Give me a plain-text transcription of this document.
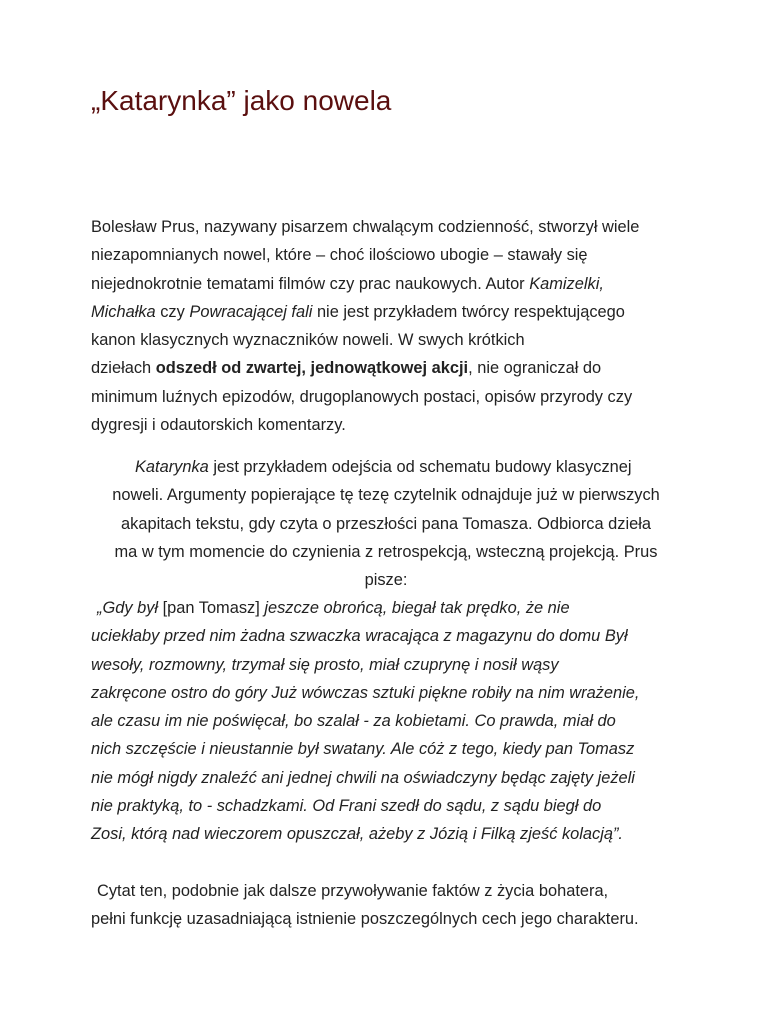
„Katarynka” jako nowela

Bolesław Prus, nazywany pisarzem chwalącym codzienność, stworzył wiele
niezapomnianych nowel, które – choć ilościowo ubogie – stawały się
niejednokrotnie tematami filmów czy prac naukowych. Autor Kamizelki,
Michałka czy Powracającej fali nie jest przykładem twórcy respektującego
kanon klasycznych wyznaczników noweli. W swych krótkich
dziełach odszedł od zwartej, jednowątkowej akcji, nie ograniczał do
minimum luźnych epizodów, drugoplanowych postaci, opisów przyrody czy
dygresji i odautorskich komentarzy.

Katarynka jest przykładem odejścia od schematu budowy klasycznej
noweli. Argumenty popierające tę tezę czytelnik odnajduje już w pierwszych
akapitach tekstu, gdy czyta o przeszłości pana Tomasza. Odbiorca dzieła
ma w tym momencie do czynienia z retrospekcją, wsteczną projekcją. Prus
pisze:

„Gdy był [pan Tomasz] jeszcze obrońcą, biegał tak prędko, że nie
uciekłaby przed nim żadna szwaczka wracająca z magazynu do domu Był
wesoły, rozmowny, trzymał się prosto, miał czuprynę i nosił wąsy
zakręcone ostro do góry Już wówczas sztuki piękne robiły na nim wrażenie,
ale czasu im nie poświęcał, bo szalał - za kobietami. Co prawda, miał do
nich szczęście i nieustannie był swatany. Ale cóż z tego, kiedy pan Tomasz
nie mógł nigdy znaleźć ani jednej chwili na oświadczyny będąc zajęty jeżeli
nie praktyką, to - schadzkami. Od Frani szedł do sądu, z sądu biegł do
Zosi, którą nad wieczorem opuszczał, ażeby z Józią i Filką zjeść kolacją”.

Cytat ten, podobnie jak dalsze przywoływanie faktów z życia bohatera,
pełni funkcję uzasadniającą istnienie poszczególnych cech jego charakteru.
